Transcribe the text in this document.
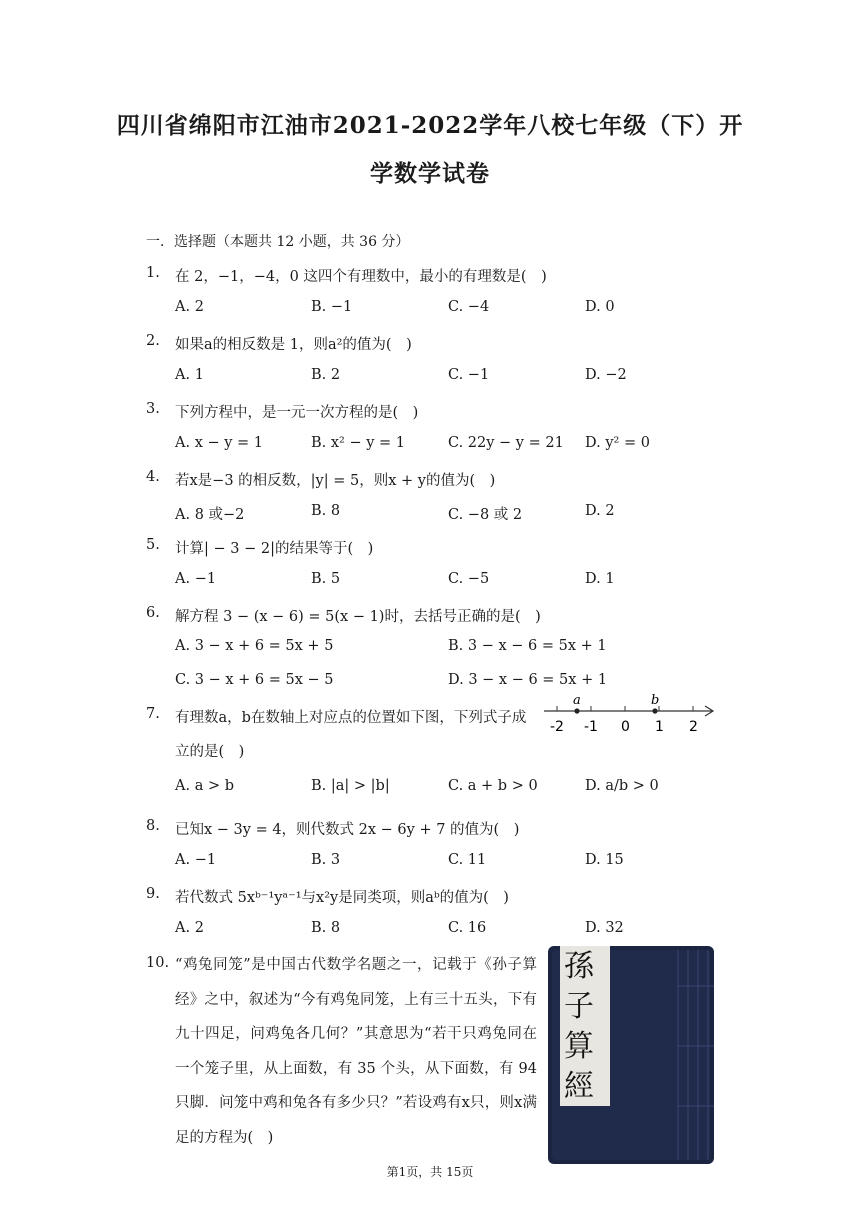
四川省绵阳市江油市2021-2022学年八校七年级（下）开
学数学试卷
一．选择题（本题共 12 小题，共 36 分）
1. 在 2，−1，−4，0 这四个有理数中，最小的有理数是(　)
A. 2	B. −1	C. −4	D. 0
2. 如果a的相反数是 1，则a²的值为(　)
A. 1	B. 2	C. −1	D. −2
3. 下列方程中，是一元一次方程的是(　)
A. x − y = 1	B. x² − y = 1	C. 22y − y = 21 D. y² = 0
4. 若x是−3 的相反数，|y| = 5，则x + y的值为(　)
A. 8 或−2	B. 8	C. −8 或 2	D. 2
5. 计算| − 3 − 2|的结果等于(　)
A. −1	B. 5	C. −5	D. 1
6. 解方程 3 − (x − 6) = 5(x − 1)时，去括号正确的是(　)
A. 3 − x + 6 = 5x + 5	B. 3 − x − 6 = 5x + 1
C. 3 − x + 6 = 5x − 5	D. 3 − x − 6 = 5x + 1
7. 有理数a，b在数轴上对应点的位置如下图，下列式子成
立的是(　)
a	b
-2 -1 0 1 2
A. a > b	B. |a| > |b|	C. a + b > 0	D. a/b > 0
8. 已知x − 3y = 4，则代数式 2x − 6y + 7 的值为(　)
A. −1	B. 3	C. 11	D. 15
9. 若代数式 5xᵇ⁻¹yᵃ⁻¹与x²y是同类项，则aᵇ的值为(　)
A. 2	B. 8	C. 16	D. 32
10. “鸡兔同笼”是中国古代数学名题之一，记载于《孙子算经》之中，叙述为“今有鸡兔同笼，上有三十五头，下有九十四足，问鸡兔各几何？”其意思为“若干只鸡兔同在一个笼子里，从上面数，有 35 个头，从下面数，有 94 只脚．问笼中鸡和兔各有多少只？”若设鸡有x只，则x满足的方程为(　)
孫
子
算
經
第1页，共 15页
